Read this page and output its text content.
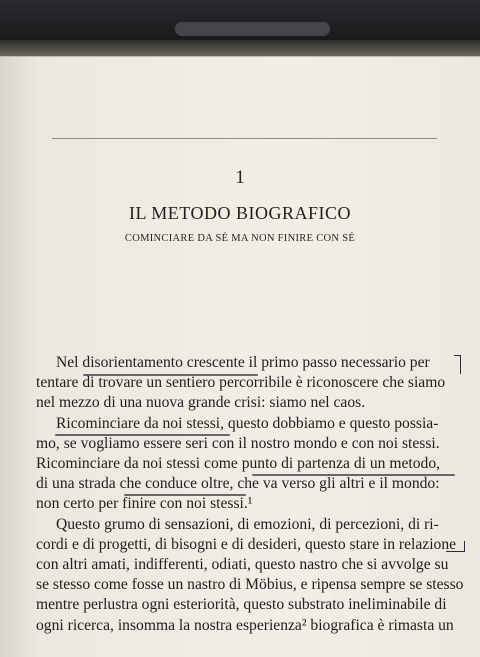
1
IL METODO BIOGRAFICO
COMINCIARE DA SÉ MA NON FINIRE CON SÉ
Nel disorientamento crescente il primo passo necessario per
tentare di trovare un sentiero percorribile è riconoscere che siamo
nel mezzo di una nuova grande crisi: siamo nel caos.
Ricominciare da noi stessi, questo dobbiamo e questo possia-
mo, se vogliamo essere seri con il nostro mondo e con noi stessi.
Ricominciare da noi stessi come punto di partenza di un metodo,
di una strada che conduce oltre, che va verso gli altri e il mondo:
non certo per finire con noi stessi.¹
Questo grumo di sensazioni, di emozioni, di percezioni, di ri-
cordi e di progetti, di bisogni e di desideri, questo stare in relazione
con altri amati, indifferenti, odiati, questo nastro che si avvolge su
se stesso come fosse un nastro di Möbius, e ripensa sempre se stesso
mentre perlustra ogni esteriorità, questo substrato ineliminabile di
ogni ricerca, insomma la nostra esperienza² biografica è rimasta un
